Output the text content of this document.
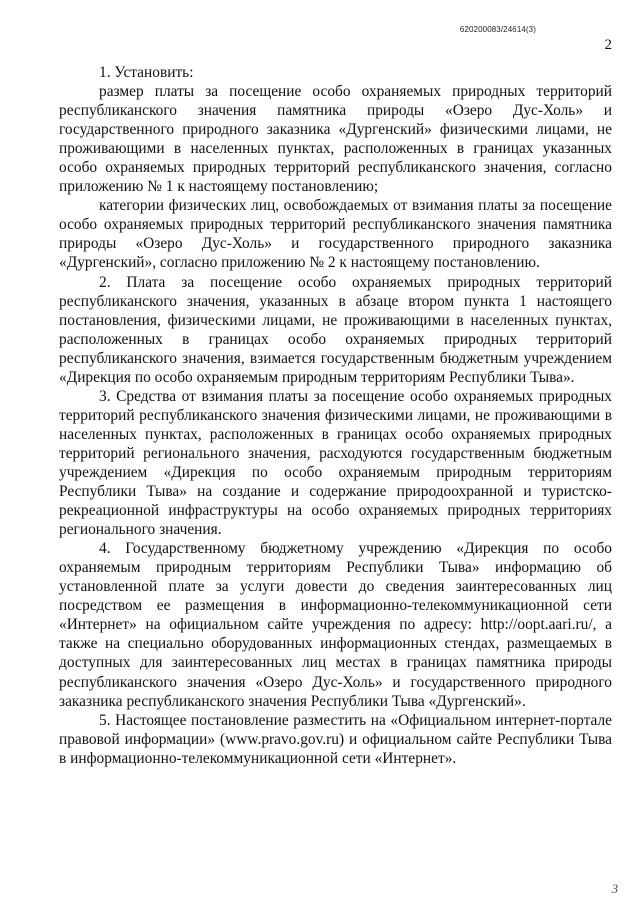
620200083/24614(3)
2

1. Установить:

размер платы за посещение особо охраняемых природных территорий республиканского значения памятника природы «Озеро Дус-Холь» и государственного природного заказника «Дургенский» физическими лицами, не проживающими в населенных пунктах, расположенных в границах указанных особо охраняемых природных территорий республиканского значения, согласно приложению № 1 к настоящему постановлению;

категории физических лиц, освобождаемых от взимания платы за посещение особо охраняемых природных территорий республиканского значения памятника природы «Озеро Дус-Холь» и государственного природного заказника «Дургенский», согласно приложению № 2 к настоящему постановлению.

2. Плата за посещение особо охраняемых природных территорий республиканского значения, указанных в абзаце втором пункта 1 настоящего постановления, физическими лицами, не проживающими в населенных пунктах, расположенных в границах особо охраняемых природных территорий республиканского значения, взимается государственным бюджетным учреждением «Дирекция по особо охраняемым природным территориям Республики Тыва».

3. Средства от взимания платы за посещение особо охраняемых природных территорий республиканского значения физическими лицами, не проживающими в населенных пунктах, расположенных в границах особо охраняемых природных территорий регионального значения, расходуются государственным бюджетным учреждением «Дирекция по особо охраняемым природным территориям Республики Тыва» на создание и содержание природоохранной и туристско-рекреационной инфраструктуры на особо охраняемых природных территориях регионального значения.

4. Государственному бюджетному учреждению «Дирекция по особо охраняемым природным территориям Республики Тыва» информацию об установленной плате за услуги довести до сведения заинтересованных лиц посредством ее размещения в информационно-телекоммуникационной сети «Интернет» на официальном сайте учреждения по адресу: http://oopt.aari.ru/, а также на специально оборудованных информационных стендах, размещаемых в доступных для заинтересованных лиц местах в границах памятника природы республиканского значения «Озеро Дус-Холь» и государственного природного заказника республиканского значения Республики Тыва «Дургенский».

5. Настоящее постановление разместить на «Официальном интернет-портале правовой информации» (www.pravo.gov.ru) и официальном сайте Республики Тыва в информационно-телекоммуникационной сети «Интернет».

З
